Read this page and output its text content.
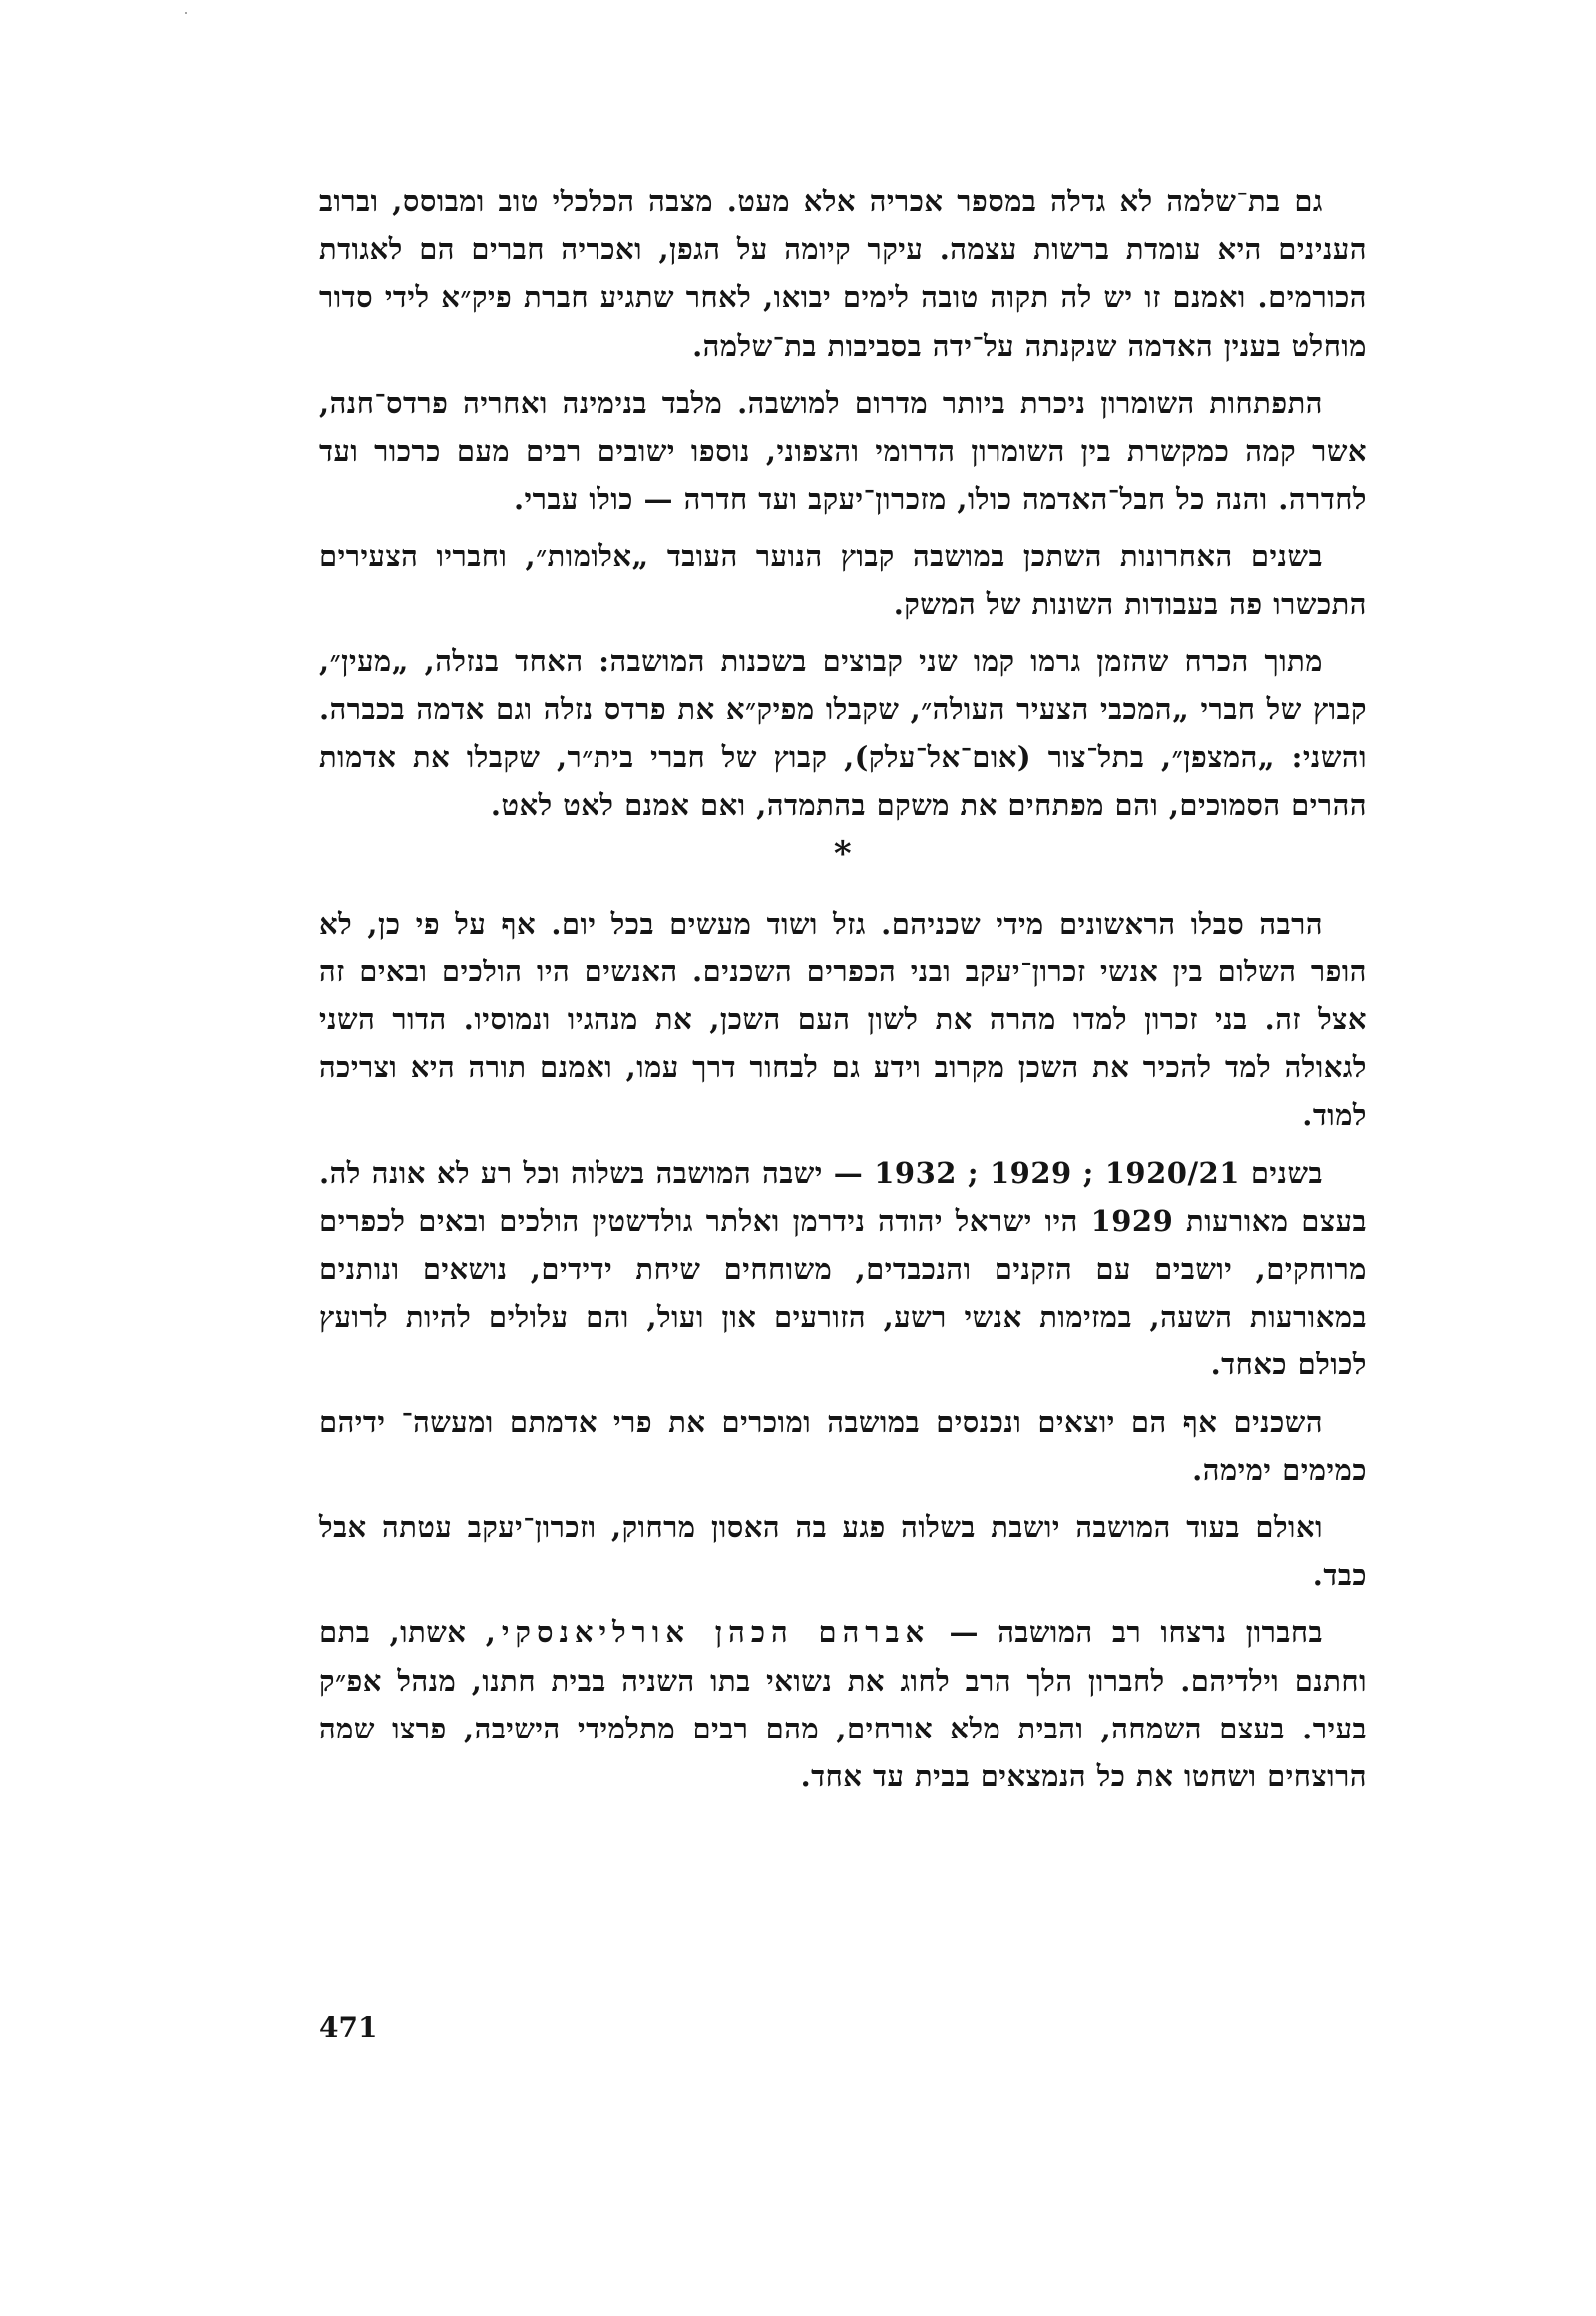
גם בת־שלמה לא גדלה במספר אכריה אלא מעט. מצבה הכלכלי טוב ומבוסס, וברוב הענינים היא עומדת ברשות עצמה. עיקר קיומה על הגפן, ואכריה חברים הם לאגודת הכורמים. ואמנם זו יש לה תקוה טובה לימים יבואו, לאחר שתגיע חברת פיק״א לידי סדור מוחלט בענין האדמה שנקנתה על־ידה בסביבות בת־שלמה.

התפתחות השומרון ניכרת ביותר מדרום למושבה. מלבד בנימינה ואחריה פרדס־חנה, אשר קמה כמקשרת בין השומרון הדרומי והצפוני, נוספו ישובים רבים מעם כרכור ועד לחדרה. והנה כל חבל־האדמה כולו, מזכרון־יעקב ועד חדרה — כולו עברי.

בשנים האחרונות השתכן במושבה קבוץ הנוער העובד „אלומות״, וחבריו הצעירים התכשרו פה בעבודות השונות של המשק.

מתוך הכרח שהזמן גרמו קמו שני קבוצים בשכנות המושבה: האחד בנזלה, „מעין״, קבוץ של חברי „המכבי הצעיר העולה״, שקבלו מפיק״א את פרדס נזלה וגם אדמה בכברה. והשני: „המצפן״, בתל־צור (אום־אל־עלק), קבוץ של חברי בית״ר, שקבלו את אדמות ההרים הסמוכים, והם מפתחים את משקם בהתמדה, ואם אמנם לאט לאט.

*

הרבה סבלו הראשונים מידי שכניהם. גזל ושוד מעשים בכל יום. אף על פי כן, לא הופר השלום בין אנשי זכרון־יעקב ובני הכפרים השכנים. האנשים היו הולכים ובאים זה אצל זה. בני זכרון למדו מהרה את לשון העם השכן, את מנהגיו ונמוסיו. הדור השני לגאולה למד להכיר את השכן מקרוב וידע גם לבחור דרך עמו, ואמנם תורה היא וצריכה למוד.

בשנים 1920/21 ; 1929 ; 1932 — ישבה המושבה בשלוה וכל רע לא אונה לה. בעצם מאורעות 1929 היו ישראל יהודה נידרמן ואלתר גולדשטין הולכים ובאים לכפרים מרוחקים, יושבים עם הזקנים והנכבדים, משוחחים שיחת ידידים, נושאים ונותנים במאורעות השעה, במזימות אנשי רשע, הזורעים און ועול, והם עלולים להיות לרועץ לכולם כאחד.

השכנים אף הם יוצאים ונכנסים במושבה ומוכרים את פרי אדמתם ומעשה־ ידיהם כמימים ימימה.

ואולם בעוד המושבה יושבת בשלוה פגע בה האסון מרחוק, וזכרון־יעקב עטתה אבל כבד.

בחברון נרצחו רב המושבה — אברהם הכהן אורליאנסקי, אשתו, בתם וחתנם וילדיהם. לחברון הלך הרב לחוג את נשואי בתו השניה בבית חתנו, מנהל אפ״ק בעיר. בעצם השמחה, והבית מלא אורחים, מהם רבים מתלמידי הישיבה, פרצו שמה הרוצחים ושחטו את כל הנמצאים בבית עד אחד.

471
